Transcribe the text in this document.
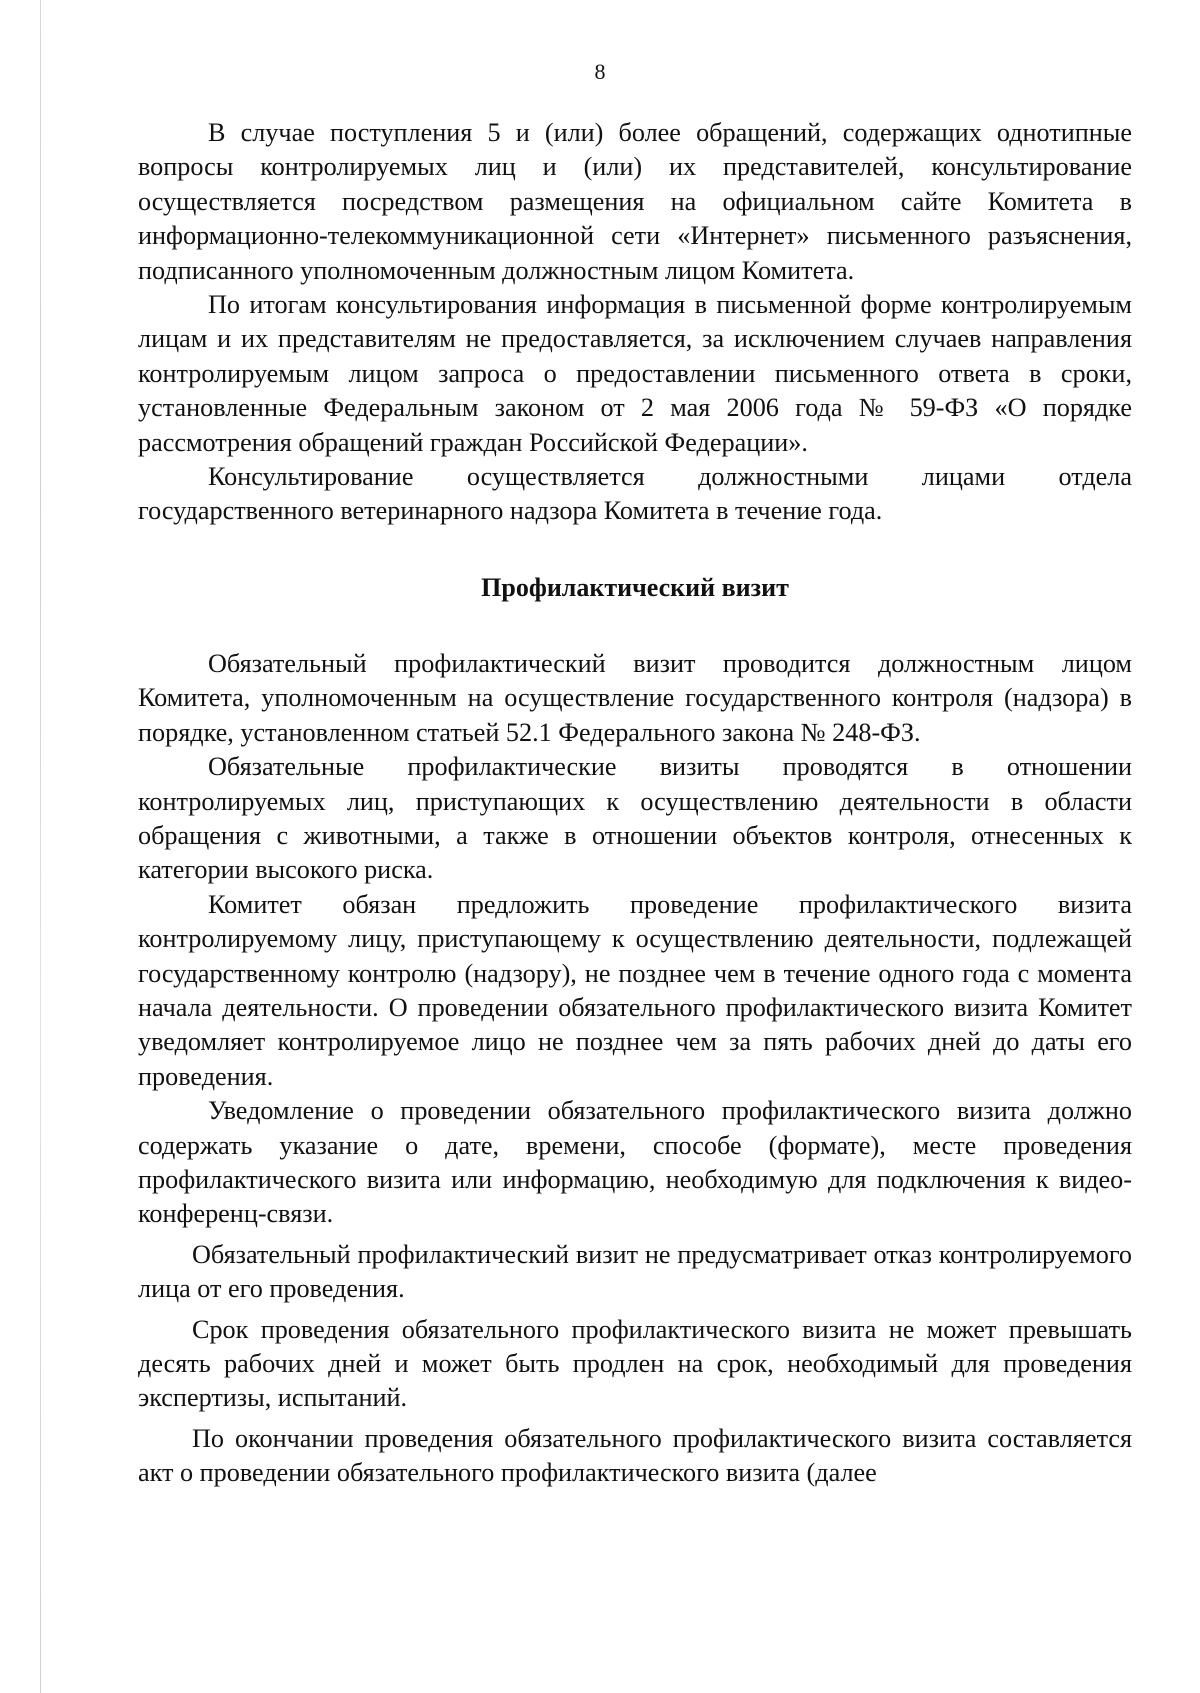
8

В случае поступления 5 и (или) более обращений, содержащих однотипные вопросы контролируемых лиц и (или) их представителей, консультирование осуществляется посредством размещения на официальном сайте Комитета в информационно-телекоммуникационной сети «Интернет» письменного разъяснения, подписанного уполномоченным должностным лицом Комитета.

По итогам консультирования информация в письменной форме контролируемым лицам и их представителям не предоставляется, за исключением случаев направления контролируемым лицом запроса о предоставлении письменного ответа в сроки, установленные Федеральным законом от 2 мая 2006 года № 59-ФЗ «О порядке рассмотрения обращений граждан Российской Федерации».

Консультирование осуществляется должностными лицами отдела государственного ветеринарного надзора Комитета в течение года.

Профилактический визит

Обязательный профилактический визит проводится должностным лицом Комитета, уполномоченным на осуществление государственного контроля (надзора) в порядке, установленном статьей 52.1 Федерального закона № 248-ФЗ.

Обязательные профилактические визиты проводятся в отношении контролируемых лиц, приступающих к осуществлению деятельности в области обращения с животными, а также в отношении объектов контроля, отнесенных к категории высокого риска.

Комитет обязан предложить проведение профилактического визита контролируемому лицу, приступающему к осуществлению деятельности, подлежащей государственному контролю (надзору), не позднее чем в течение одного года с момента начала деятельности. О проведении обязательного профилактического визита Комитет уведомляет контролируемое лицо не позднее чем за пять рабочих дней до даты его проведения.

Уведомление о проведении обязательного профилактического визита должно содержать указание о дате, времени, способе (формате), месте проведения профилактического визита или информацию, необходимую для подключения к видео-конференц-связи.

Обязательный профилактический визит не предусматривает отказ контролируемого лица от его проведения.

Срок проведения обязательного профилактического визита не может превышать десять рабочих дней и может быть продлен на срок, необходимый для проведения экспертизы, испытаний.

По окончании проведения обязательного профилактического визита составляется акт о проведении обязательного профилактического визита (далее
